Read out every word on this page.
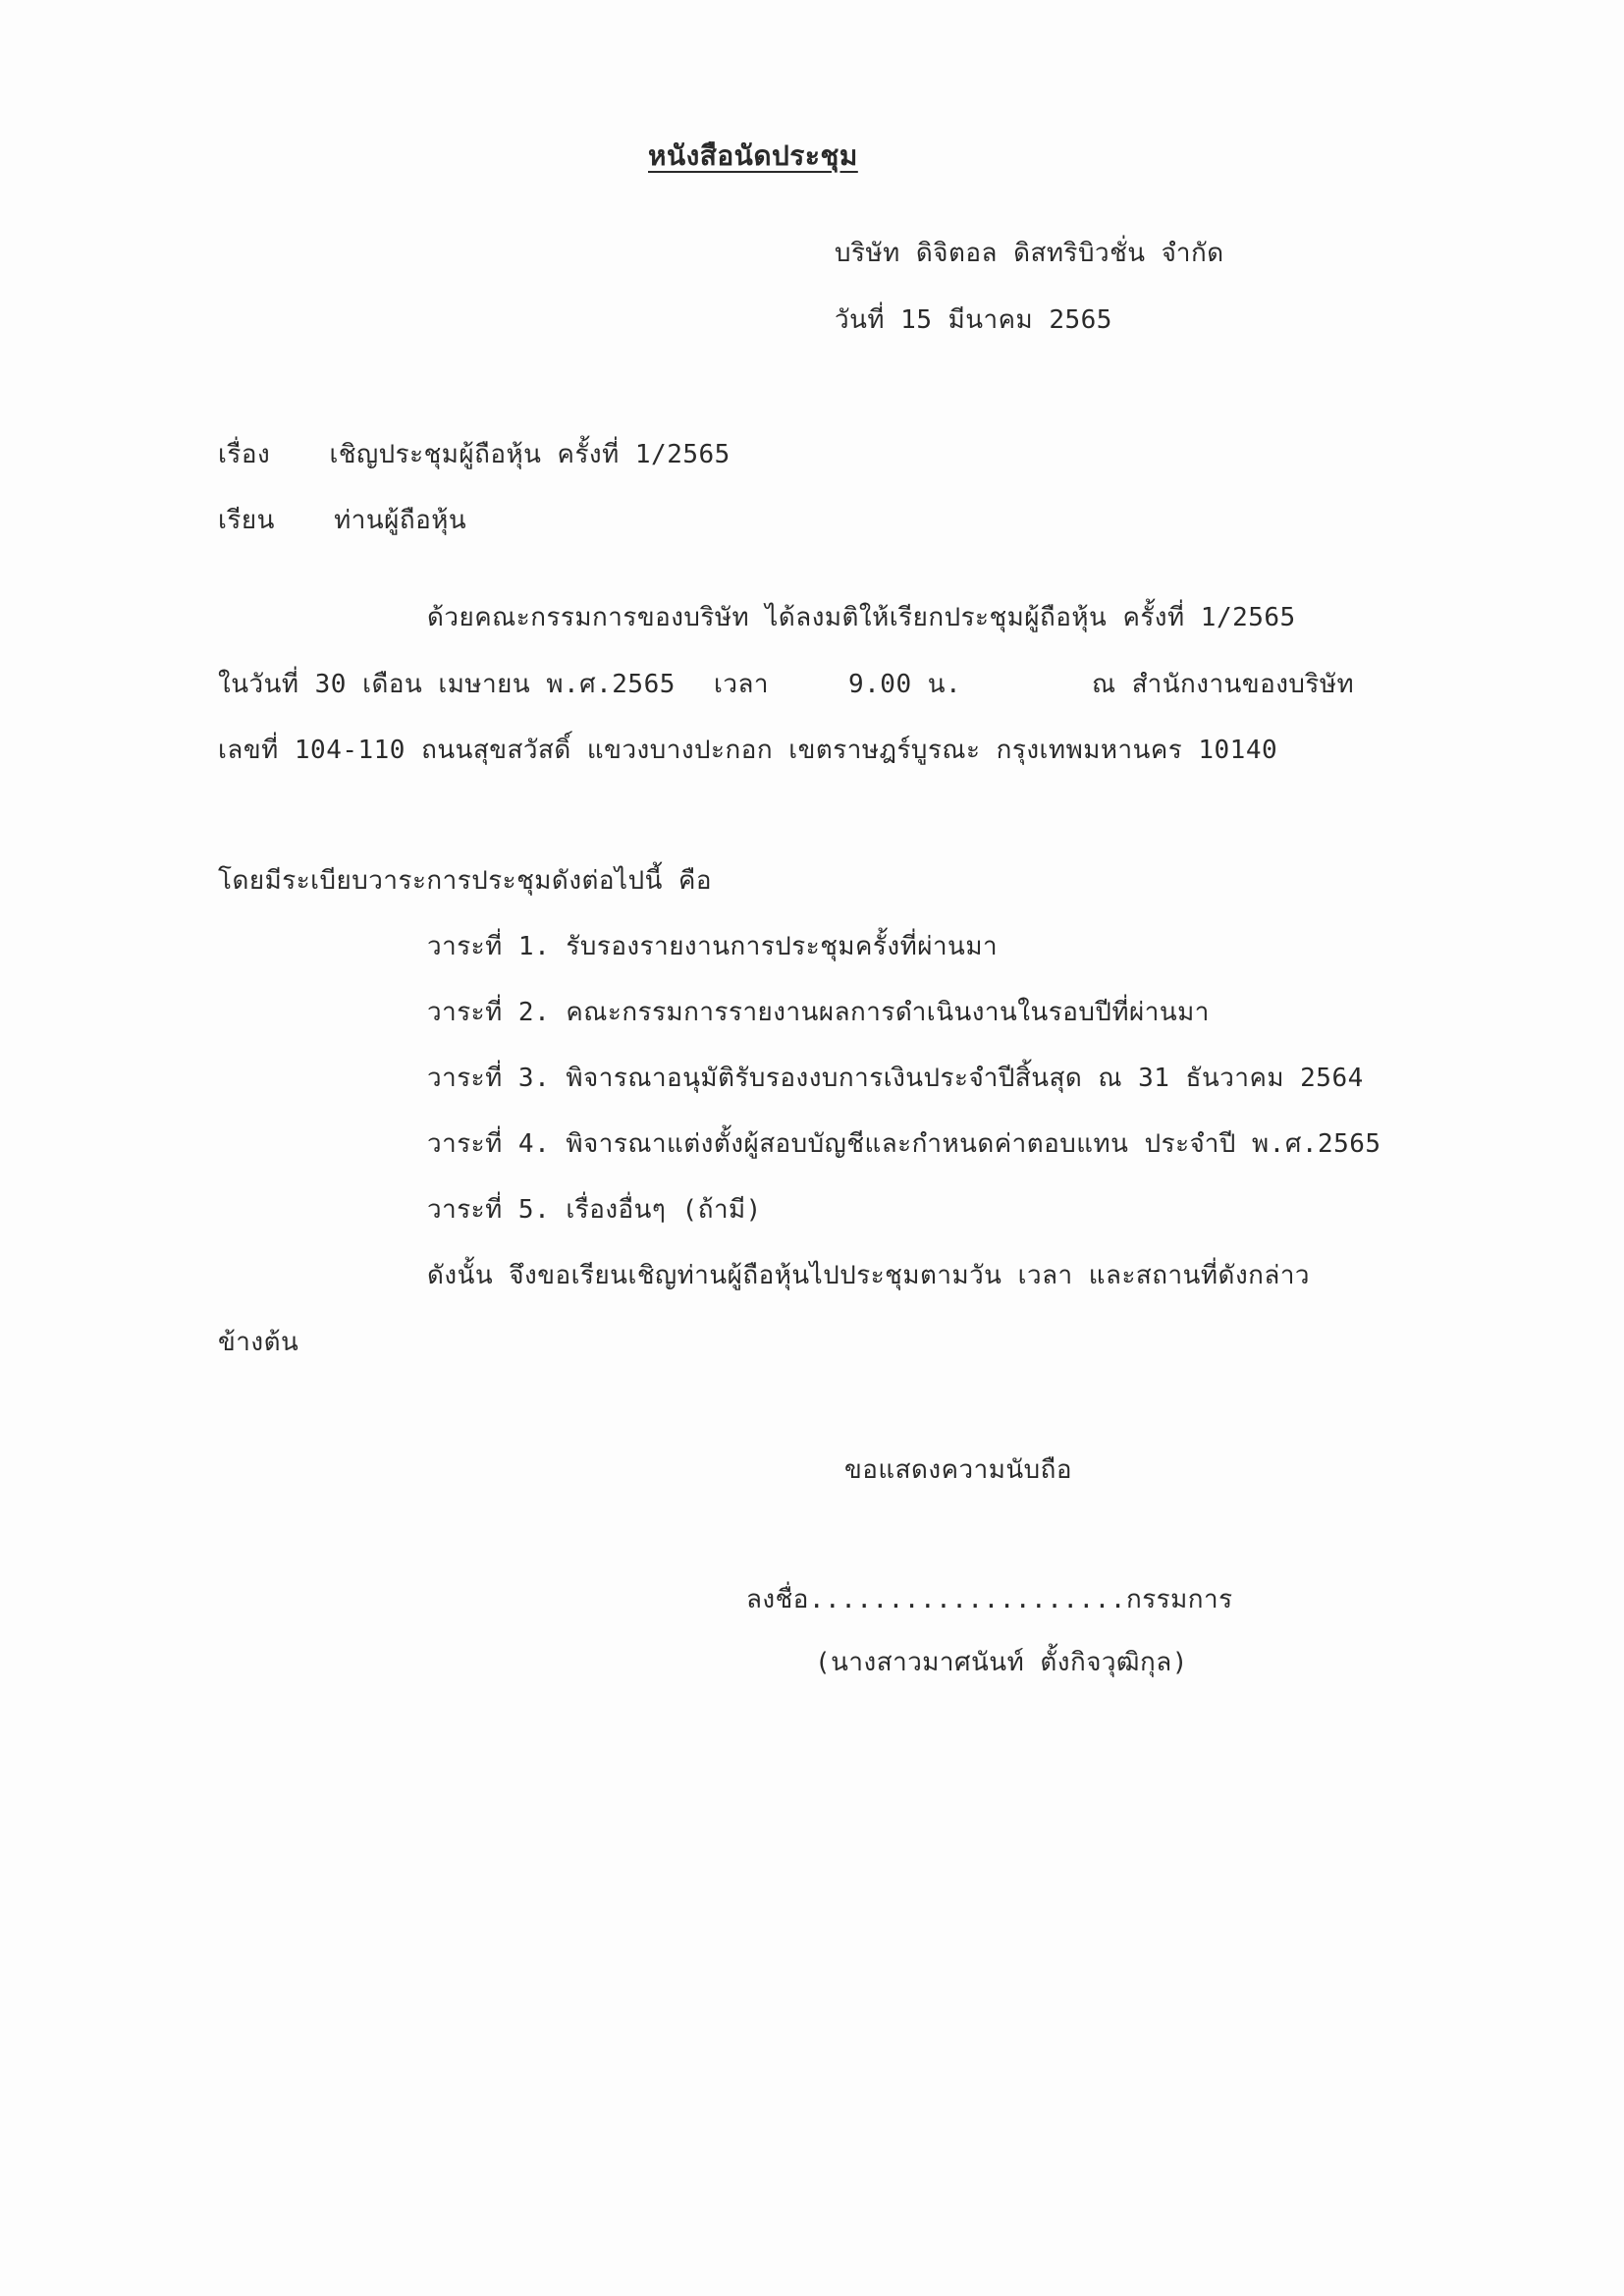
หนังสือนัดประชุม
บริษัท ดิจิตอล ดิสทริบิวชั่น จำกัด
วันที่ 15 มีนาคม 2565
เรื่อง เชิญประชุมผู้ถือหุ้น ครั้งที่ 1/2565
เรียน ท่านผู้ถือหุ้น
ด้วยคณะกรรมการของบริษัท ได้ลงมติให้เรียกประชุมผู้ถือหุ้น ครั้งที่ 1/2565
ในวันที่ 30 เดือน เมษายน พ.ศ.2565 เวลา	9.00 น.	ณ สำนักงานของบริษัท
เลขที่ 104-110 ถนนสุขสวัสดิ์ แขวงบางปะกอก เขตราษฎร์บูรณะ กรุงเทพมหานคร 10140
โดยมีระเบียบวาระการประชุมดังต่อไปนี้ คือ
วาระที่ 1. รับรองรายงานการประชุมครั้งที่ผ่านมา
วาระที่ 2. คณะกรรมการรายงานผลการดำเนินงานในรอบปีที่ผ่านมา
วาระที่ 3. พิจารณาอนุมัติรับรองงบการเงินประจำปีสิ้นสุด ณ 31 ธันวาคม 2564
วาระที่ 4. พิจารณาแต่งตั้งผู้สอบบัญชีและกำหนดค่าตอบแทน ประจำปี พ.ศ.2565
วาระที่ 5. เรื่องอื่นๆ (ถ้ามี)
ดังนั้น จึงขอเรียนเชิญท่านผู้ถือหุ้นไปประชุมตามวัน เวลา และสถานที่ดังกล่าว
ข้างต้น
ขอแสดงความนับถือ
ลงชื่อ....................กรรมการ
(นางสาวมาศนันท์ ตั้งกิจวุฒิกุล)
